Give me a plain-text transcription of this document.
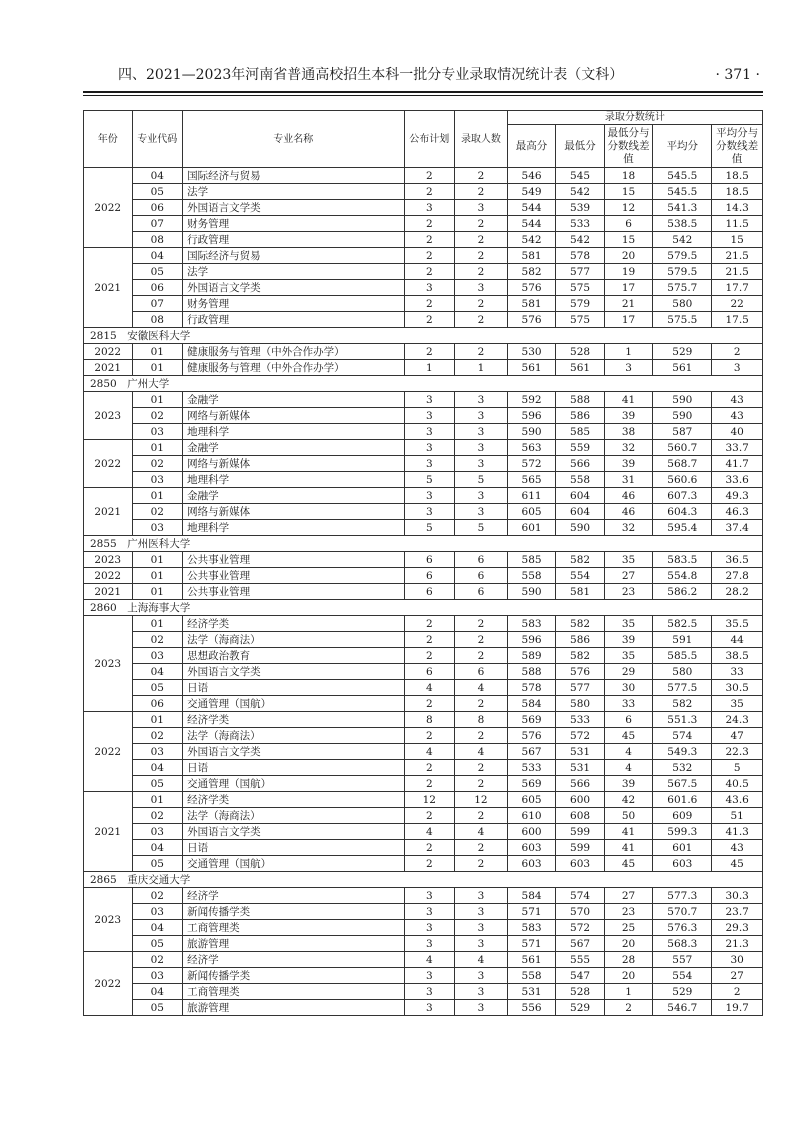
四、2021—2023年河南省普通高校招生本科一批分专业录取情况统计表（文科）	· 371 ·
年份	专业代码	专业名称	公布计划	录取人数	录取分数统计				
					最高分	最低分	最低分与分数线差值	平均分	平均分与分数线差值
2022	04	国际经济与贸易	2	2	546	545	18	545.5	18.5
	05	法学	2	2	549	542	15	545.5	18.5
	06	外国语言文学类	3	3	544	539	12	541.3	14.3
	07	财务管理	2	2	544	533	6	538.5	11.5
	08	行政管理	2	2	542	542	15	542	15
2021	04	国际经济与贸易	2	2	581	578	20	579.5	21.5
	05	法学	2	2	582	577	19	579.5	21.5
	06	外国语言文学类	3	3	576	575	17	575.7	17.7
	07	财务管理	2	2	581	579	21	580	22
	08	行政管理	2	2	576	575	17	575.5	17.5
2815　安徽医科大学									
2022	01	健康服务与管理（中外合作办学）	2	2	530	528	1	529	2
2021	01	健康服务与管理（中外合作办学）	1	1	561	561	3	561	3
2850　广州大学									
2023	01	金融学	3	3	592	588	41	590	43
	02	网络与新媒体	3	3	596	586	39	590	43
	03	地理科学	3	3	590	585	38	587	40
2022	01	金融学	3	3	563	559	32	560.7	33.7
	02	网络与新媒体	3	3	572	566	39	568.7	41.7
	03	地理科学	5	5	565	558	31	560.6	33.6
2021	01	金融学	3	3	611	604	46	607.3	49.3
	02	网络与新媒体	3	3	605	604	46	604.3	46.3
	03	地理科学	5	5	601	590	32	595.4	37.4
2855　广州医科大学									
2023	01	公共事业管理	6	6	585	582	35	583.5	36.5
2022	01	公共事业管理	6	6	558	554	27	554.8	27.8
2021	01	公共事业管理	6	6	590	581	23	586.2	28.2
2860　上海海事大学									
2023	01	经济学类	2	2	583	582	35	582.5	35.5
	02	法学（海商法）	2	2	596	586	39	591	44
	03	思想政治教育	2	2	589	582	35	585.5	38.5
	04	外国语言文学类	6	6	588	576	29	580	33
	05	日语	4	4	578	577	30	577.5	30.5
	06	交通管理（国航）	2	2	584	580	33	582	35
2022	01	经济学类	8	8	569	533	6	551.3	24.3
	02	法学（海商法）	2	2	576	572	45	574	47
	03	外国语言文学类	4	4	567	531	4	549.3	22.3
	04	日语	2	2	533	531	4	532	5
	05	交通管理（国航）	2	2	569	566	39	567.5	40.5
2021	01	经济学类	12	12	605	600	42	601.6	43.6
	02	法学（海商法）	2	2	610	608	50	609	51
	03	外国语言文学类	4	4	600	599	41	599.3	41.3
	04	日语	2	2	603	599	41	601	43
	05	交通管理（国航）	2	2	603	603	45	603	45
2865　重庆交通大学									
2023	02	经济学	3	3	584	574	27	577.3	30.3
	03	新闻传播学类	3	3	571	570	23	570.7	23.7
	04	工商管理类	3	3	583	572	25	576.3	29.3
	05	旅游管理	3	3	571	567	20	568.3	21.3
2022	02	经济学	4	4	561	555	28	557	30
	03	新闻传播学类	3	3	558	547	20	554	27
	04	工商管理类	3	3	531	528	1	529	2
	05	旅游管理	3	3	556	529	2	546.7	19.7
